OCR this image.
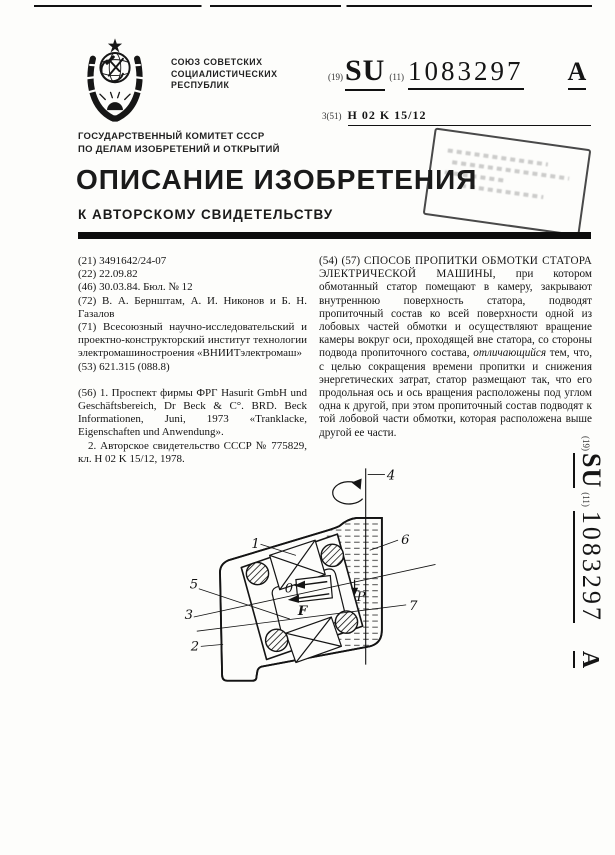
СОЮЗ СОВЕТСКИХ
СОЦИАЛИСТИЧЕСКИХ
РЕСПУБЛИК
(19) SU (11) 1083297 A
3(51) H 02 K 15/12
ГОСУДАРСТВЕННЫЙ КОМИТЕТ СССР
ПО ДЕЛАМ ИЗОБРЕТЕНИЙ И ОТКРЫТИЙ
ОПИСАНИЕ ИЗОБРЕТЕНИЯ
К АВТОРСКОМУ СВИДЕТЕЛЬСТВУ

(21) 3491642/24-07

(22) 22.09.82

(46) 30.03.84. Бюл. № 12

(72) В. А. Бернштам, А. И. Никонов и Б. Н. Газалов

(71) Всесоюзный научно-исследовательский и проектно-конструкторский институт технологии электромашиностроения «ВНИИТэлектромаш»

(53) 621.315 (088.8)

(56) 1. Проспект фирмы ФРГ Hasurit GmbH und Geschäftsbereich, Dr Beck & C°. BRD. Beck Informationen, Juni, 1973 «Tranklacke, Eigenschaften und Anwendung».

2. Авторское свидетельство СССР № 775829, кл. H 02 K 15/12, 1978.

(54) (57) СПОСОБ ПРОПИТКИ ОБМОТКИ СТАТОРА ЭЛЕКТРИЧЕСКОЙ МАШИНЫ, при котором обмотанный статор помещают в камеру, закрывают внутреннюю поверхность статора, подводят пропиточный состав ко всей поверхности одной из лобовых частей обмотки и осуществляют вращение камеры вокруг оси, проходящей вне статора, со стороны подвода пропиточного состава, отличающийся тем, что, с целью сокращения времени пропитки и снижения энергетических затрат, статор размещают так, что его продольная ось и ось вращения расположены под углом одна к другой, при этом пропиточный состав подводят к той лобовой части обмотки, которая расположена выше другой ее части.

4
1	6
5
3
2
7
0
F
P
(19)
SU
(11)
1083297
A
